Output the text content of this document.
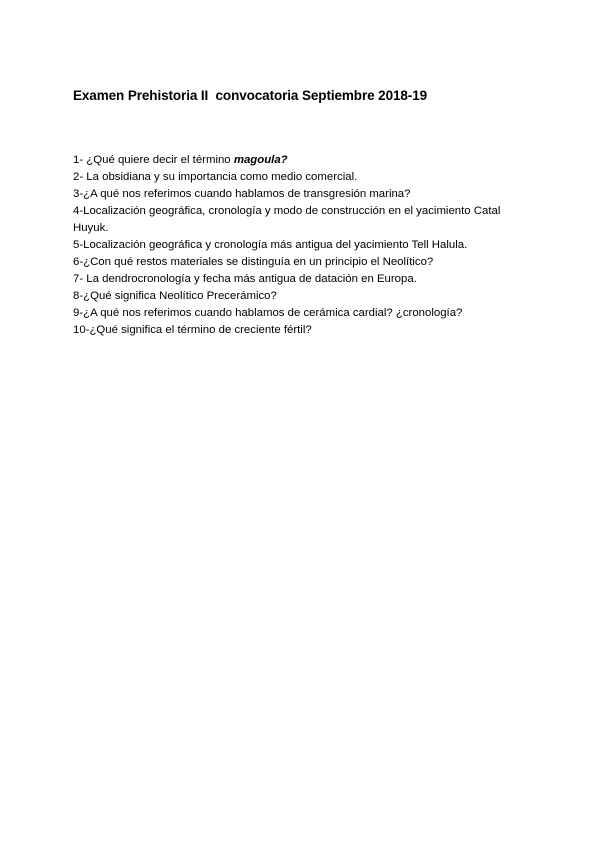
Examen Prehistoria II  convocatoria Septiembre 2018-19
1- ¿Qué quiere decir el término magoula?
2- La obsidiana y su importancia como medio comercial.
3-¿A qué nos referimos cuando hablamos de transgresión marina?
4-Localización geográfica, cronología y modo de construcción en el yacimiento Catal Huyuk.
5-Localización geográfica y cronología más antigua del yacimiento Tell Halula.
6-¿Con qué restos materiales se distinguía en un principio el Neolítico?
7- La dendrocronología y fecha más antigua de datación en Europa.
8-¿Qué significa Neolítico Precerámico?
9-¿A qué nos referimos cuando hablamos de cerámica cardial? ¿cronología?
10-¿Qué significa el término de creciente fértil?
